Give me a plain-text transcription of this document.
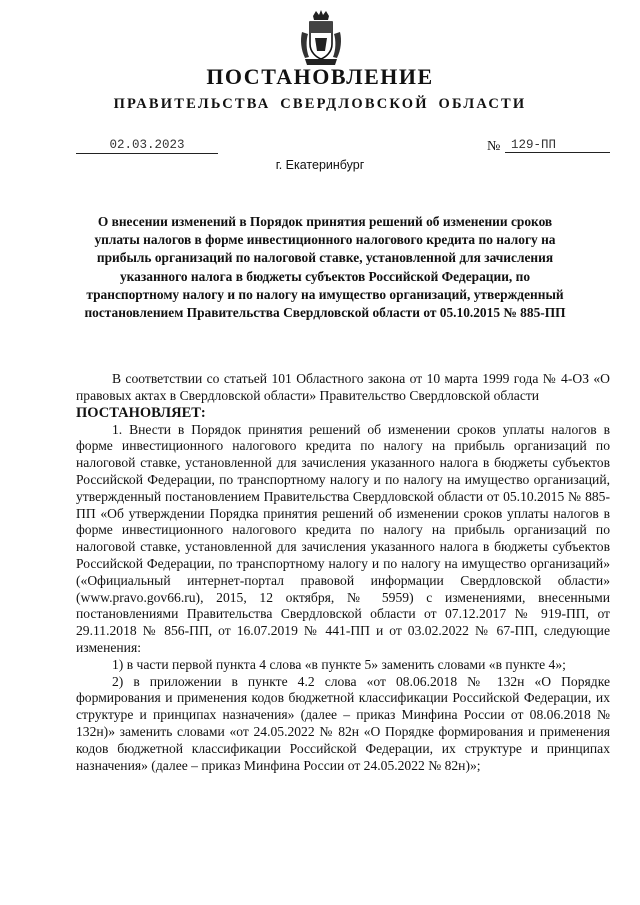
ПОСТАНОВЛЕНИЕ
ПРАВИТЕЛЬСТВА СВЕРДЛОВСКОЙ ОБЛАСТИ
02.03.2023	№ 129-ПП
г. Екатеринбург
О внесении изменений в Порядок принятия решений об изменении сроков уплаты налогов в форме инвестиционного налогового кредита по налогу на прибыль организаций по налоговой ставке, установленной для зачисления указанного налога в бюджеты субъектов Российской Федерации, по транспортному налогу и по налогу на имущество организаций, утвержденный постановлением Правительства Свердловской области от 05.10.2015 № 885-ПП

В соответствии со статьей 101 Областного закона от 10 марта 1999 года № 4-ОЗ «О правовых актах в Свердловской области» Правительство Свердловской области

ПОСТАНОВЛЯЕТ:

1. Внести в Порядок принятия решений об изменении сроков уплаты налогов в форме инвестиционного налогового кредита по налогу на прибыль организаций по налоговой ставке, установленной для зачисления указанного налога в бюджеты субъектов Российской Федерации, по транспортному налогу и по налогу на имущество организаций, утвержденный постановлением Правительства Свердловской области от 05.10.2015 № 885-ПП «Об утверждении Порядка принятия решений об изменении сроков уплаты налогов в форме инвестиционного налогового кредита по налогу на прибыль организаций по налоговой ставке, установленной для зачисления указанного налога в бюджеты субъектов Российской Федерации, по транспортному налогу и по налогу на имущество организаций» («Официальный интернет-портал правовой информации Свердловской области» (www.pravo.gov66.ru), 2015, 12 октября, № 5959) с изменениями, внесенными постановлениями Правительства Свердловской области от 07.12.2017 № 919-ПП, от 29.11.2018 № 856-ПП, от 16.07.2019 № 441-ПП и от 03.02.2022 № 67-ПП, следующие изменения:

1) в части первой пункта 4 слова «в пункте 5» заменить словами «в пункте 4»;

2) в приложении в пункте 4.2 слова «от 08.06.2018 № 132н «О Порядке формирования и применения кодов бюджетной классификации Российской Федерации, их структуре и принципах назначения» (далее – приказ Минфина России от 08.06.2018 № 132н)» заменить словами «от 24.05.2022 № 82н «О Порядке формирования и применения кодов бюджетной классификации Российской Федерации, их структуре и принципах назначения» (далее – приказ Минфина России от 24.05.2022 № 82н)»;
